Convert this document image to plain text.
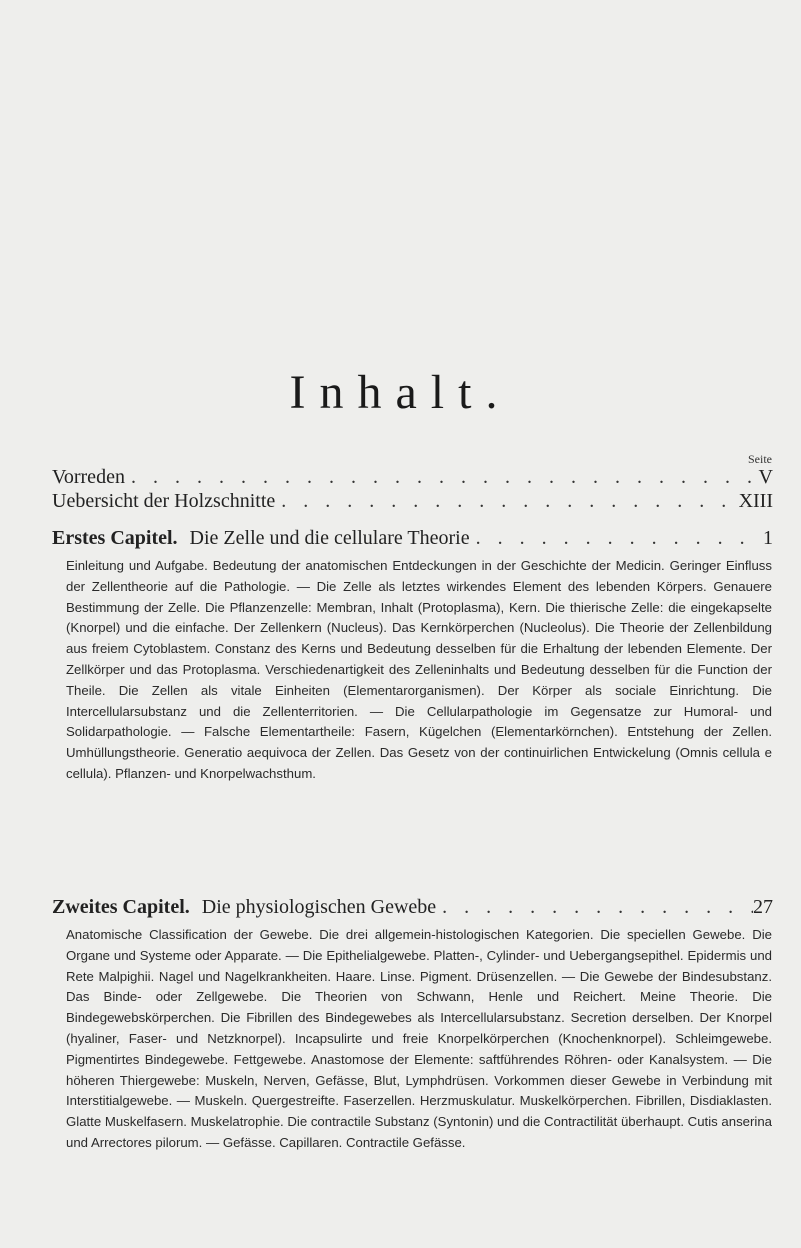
Inhalt.
Seite
Vorreden . . .	V
Uebersicht der Holzschnitte . . .	XIII
Erstes Capitel. Die Zelle und die cellulare Theorie . . .	1

Einleitung und Aufgabe. Bedeutung der anatomischen Entdeckungen in der Geschichte der Medicin. Geringer Einfluss der Zellentheorie auf die Pathologie. — Die Zelle als letztes wirkendes Element des lebenden Körpers. Genauere Bestimmung der Zelle. Die Pflanzenzelle: Membran, Inhalt (Protoplasma), Kern. Die thierische Zelle: die eingekapselte (Knorpel) und die einfache. Der Zellenkern (Nucleus). Das Kernkörperchen (Nucleolus). Die Theorie der Zellenbildung aus freiem Cytoblastem. Constanz des Kerns und Bedeutung desselben für die Erhaltung der lebenden Elemente. Der Zellkörper und das Protoplasma. Verschiedenartigkeit des Zelleninhalts und Bedeutung desselben für die Function der Theile. Die Zellen als vitale Einheiten (Elementarorganismen). Der Körper als sociale Einrichtung. Die Intercellularsubstanz und die Zellenterritorien. — Die Cellularpathologie im Gegensatze zur Humoral- und Solidarpathologie. — Falsche Elementartheile: Fasern, Kügelchen (Elementarkörnchen). Entstehung der Zellen. Umhüllungstheorie. Generatio aequivoca der Zellen. Das Gesetz von der continuirlichen Entwickelung (Omnis cellula e cellula). Pflanzen- und Knorpelwachsthum.

Zweites Capitel. Die physiologischen Gewebe . . .	27

Anatomische Classification der Gewebe. Die drei allgemein-histologischen Kategorien. Die speciellen Gewebe. Die Organe und Systeme oder Apparate. — Die Epithelialgewebe. Platten-, Cylinder- und Uebergangsepithel. Epidermis und Rete Malpighii. Nagel und Nagelkrankheiten. Haare. Linse. Pigment. Drüsenzellen. — Die Gewebe der Bindesubstanz. Das Binde- oder Zellgewebe. Die Theorien von Schwann, Henle und Reichert. Meine Theorie. Die Bindegewebskörperchen. Die Fibrillen des Bindegewebes als Intercellularsubstanz. Secretion derselben. Der Knorpel (hyaliner, Faser- und Netzknorpel). Incapsulirte und freie Knorpelkörperchen (Knochenknorpel). Schleimgewebe. Pigmentirtes Bindegewebe. Fettgewebe. Anastomose der Elemente: saftführendes Röhren- oder Kanalsystem. — Die höheren Thiergewebe: Muskeln, Nerven, Gefässe, Blut, Lymphdrüsen. Vorkommen dieser Gewebe in Verbindung mit Interstitialgewebe. — Muskeln. Quergestreifte. Faserzellen. Herzmuskulatur. Muskelkörperchen. Fibrillen, Disdiaklasten. Glatte Muskelfasern. Muskelatrophie. Die contractile Substanz (Syntonin) und die Contractilität überhaupt. Cutis anserina und Arrectores pilorum. — Gefässe. Capillaren. Contractile Gefässe.
